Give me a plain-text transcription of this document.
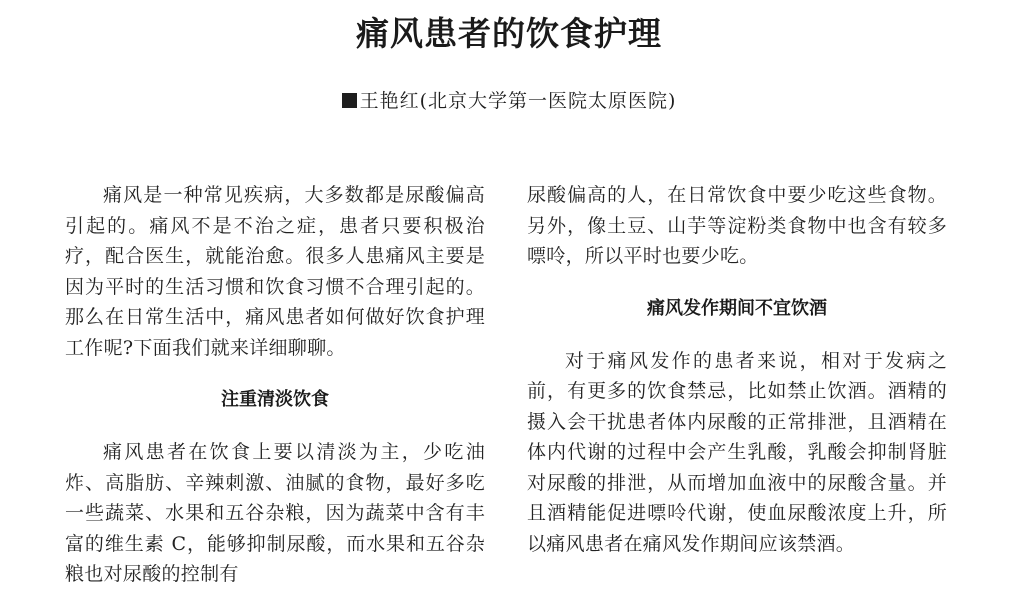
痛风患者的饮食护理
王艳红(北京大学第一医院太原医院)

痛风是一种常见疾病，大多数都是尿酸偏高引起的。痛风不是不治之症，患者只要积极治疗，配合医生，就能治愈。很多人患痛风主要是因为平时的生活习惯和饮食习惯不合理引起的。那么在日常生活中，痛风患者如何做好饮食护理工作呢?下面我们就来详细聊聊。

注重清淡饮食

痛风患者在饮食上要以清淡为主，少吃油炸、高脂肪、辛辣刺激、油腻的食物，最好多吃一些蔬菜、水果和五谷杂粮，因为蔬菜中含有丰富的维生素 C，能够抑制尿酸，而水果和五谷杂粮也对尿酸的控制有

尿酸偏高的人，在日常饮食中要少吃这些食物。另外，像土豆、山芋等淀粉类食物中也含有较多嘌呤，所以平时也要少吃。

痛风发作期间不宜饮酒

对于痛风发作的患者来说，相对于发病之前，有更多的饮食禁忌，比如禁止饮酒。酒精的摄入会干扰患者体内尿酸的正常排泄，且酒精在体内代谢的过程中会产生乳酸，乳酸会抑制肾脏对尿酸的排泄，从而增加血液中的尿酸含量。并且酒精能促进嘌呤代谢，使血尿酸浓度上升，所以痛风患者在痛风发作期间应该禁酒。
